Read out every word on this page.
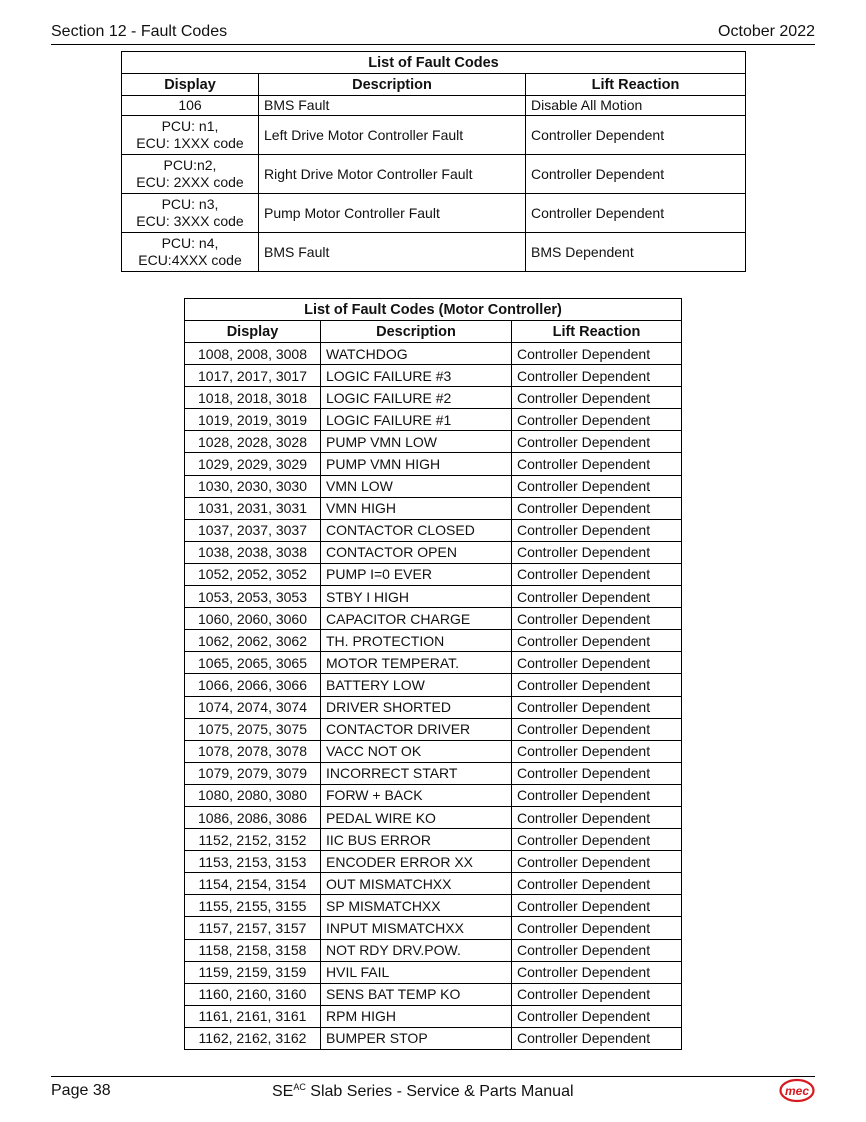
Section 12 - Fault Codes	October 2022
List of Fault Codes		
Display	Description	Lift Reaction

106	BMS Fault	Disable All Motion

PCU: n1,
ECU: 1XXX code	Left Drive Motor Controller Fault	Controller Dependent

PCU:n2,
ECU: 2XXX code	Right Drive Motor Controller Fault	Controller Dependent

PCU: n3,
ECU: 3XXX code	Pump Motor Controller Fault	Controller Dependent

PCU: n4,
ECU:4XXX code	BMS Fault	BMS Dependent
List of Fault Codes (Motor Controller)		
Display	Description	Lift Reaction
1008, 2008, 3008	WATCHDOG	Controller Dependent
1017, 2017, 3017	LOGIC FAILURE #3	Controller Dependent
1018, 2018, 3018	LOGIC FAILURE #2	Controller Dependent
1019, 2019, 3019	LOGIC FAILURE #1	Controller Dependent
1028, 2028, 3028	PUMP VMN LOW	Controller Dependent
1029, 2029, 3029	PUMP VMN HIGH	Controller Dependent
1030, 2030, 3030	VMN LOW	Controller Dependent
1031, 2031, 3031	VMN HIGH	Controller Dependent
1037, 2037, 3037	CONTACTOR CLOSED	Controller Dependent
1038, 2038, 3038	CONTACTOR OPEN	Controller Dependent
1052, 2052, 3052	PUMP I=0 EVER	Controller Dependent
1053, 2053, 3053	STBY I HIGH	Controller Dependent
1060, 2060, 3060	CAPACITOR CHARGE	Controller Dependent
1062, 2062, 3062	TH. PROTECTION	Controller Dependent
1065, 2065, 3065	MOTOR TEMPERAT.	Controller Dependent
1066, 2066, 3066	BATTERY LOW	Controller Dependent
1074, 2074, 3074	DRIVER SHORTED	Controller Dependent
1075, 2075, 3075	CONTACTOR DRIVER	Controller Dependent
1078, 2078, 3078	VACC NOT OK	Controller Dependent
1079, 2079, 3079	INCORRECT START	Controller Dependent
1080, 2080, 3080	FORW + BACK	Controller Dependent
1086, 2086, 3086	PEDAL WIRE KO	Controller Dependent
1152, 2152, 3152	IIC BUS ERROR	Controller Dependent
1153, 2153, 3153	ENCODER ERROR XX	Controller Dependent
1154, 2154, 3154	OUT MISMATCHXX	Controller Dependent
1155, 2155, 3155	SP MISMATCHXX	Controller Dependent
1157, 2157, 3157	INPUT MISMATCHXX	Controller Dependent
1158, 2158, 3158	NOT RDY DRV.POW.	Controller Dependent
1159, 2159, 3159	HVIL FAIL	Controller Dependent
1160, 2160, 3160	SENS BAT TEMP KO	Controller Dependent
1161, 2161, 3161	RPM HIGH	Controller Dependent
1162, 2162, 3162	BUMPER STOP	Controller Dependent
Page 38	$SE^{AC}$ Slab Series - Service & Parts Manual	mec
